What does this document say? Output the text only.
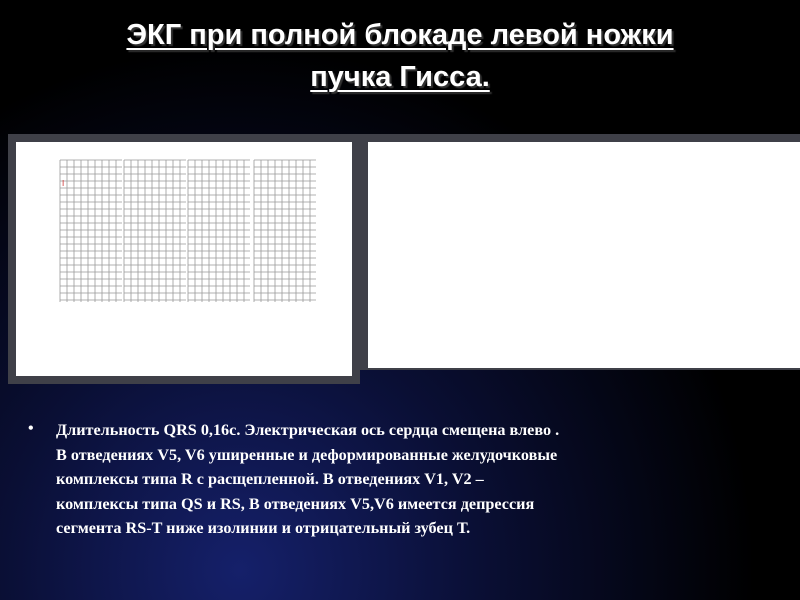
ЭКГ при полной блокаде левой ножки
пучка Гисса.
I
• Длительность QRS 0,16с. Электрическая ось сердца смещена влево .
В отведениях V5, V6 уширенные и деформированные желудочковые
комплексы типа R с расщепленной. В отведениях V1, V2 –
комплексы типа QS и RS, В отведениях V5,V6 имеется депрессия
сегмента RS-T ниже изолинии и отрицательный зубец Т.
